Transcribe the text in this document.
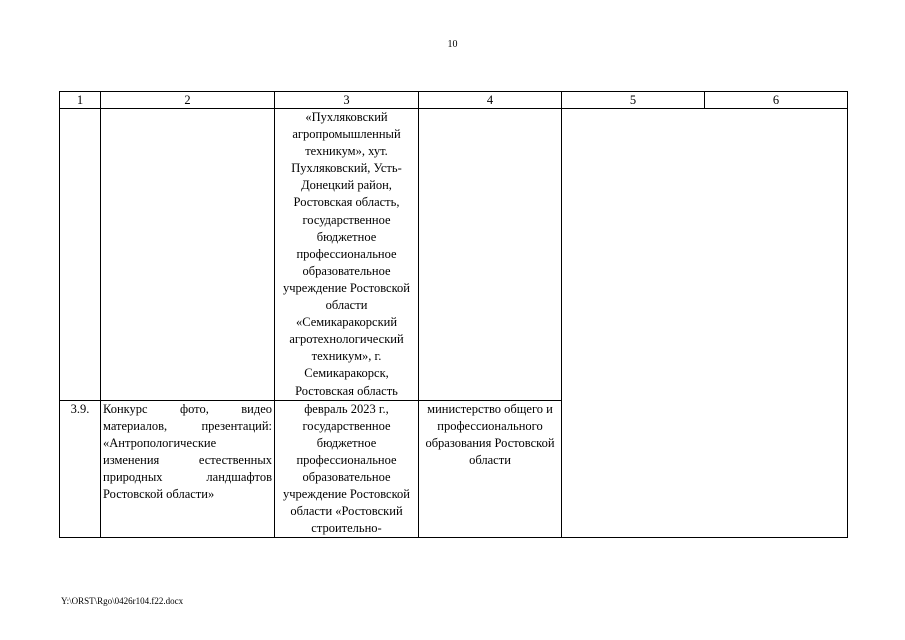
10
1	2	3	4	5	6
		«Пухляковский агропромышленный техникум», хут. Пухляковский, Усть-Донецкий район, Ростовская область, государственное бюджетное профессиональное образовательное учреждение Ростовской области «Семикаракорский агротехнологический техникум», г. Семикаракорск, Ростовская область			
3.9.	Конкурс фото, видео материалов, презентаций: «Антропологические изменения естественных природных ландшафтов Ростовской области»	февраль 2023 г., государственное бюджетное профессиональное образовательное учреждение Ростовской области «Ростовский строительно-	министерство общего и профессионального образования Ростовской области		
Y:\ORST\Rgo\0426r104.f22.docx
